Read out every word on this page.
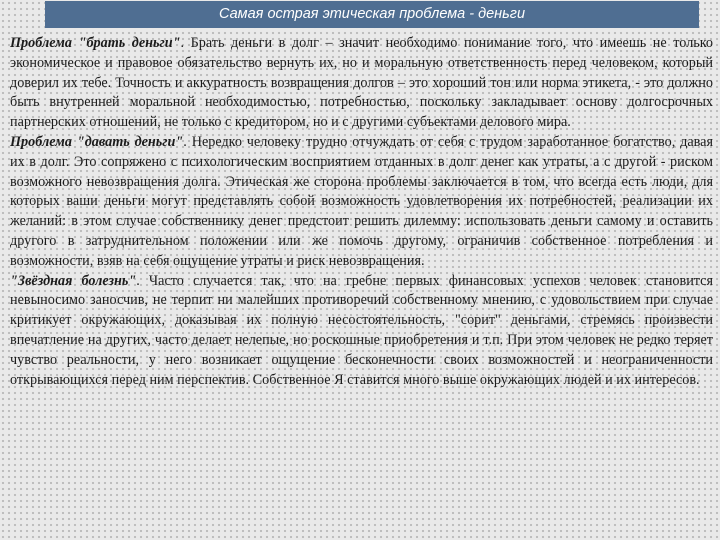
Самая острая этическая проблема - деньги
Проблема "брать деньги". Брать деньги в долг – значит необходимо понимание того, что имеешь не только экономическое и правовое обязательство вернуть их, но и моральную ответственность перед человеком, который доверил их тебе. Точность и аккуратность возвращения долгов – это хороший тон или норма этикета, - это должно быть внутренней моральной необходимостью, потребностью, поскольку закладывает основу долгосрочных партнерских отношений, не только с кредитором, но и с другими субъектами делового мира.
Проблема "давать деньги". Нередко человеку трудно отчуждать от себя с трудом заработанное богатство, давая их в долг. Это сопряжено с психологическим восприятием отданных в долг денег как утраты, а с другой - риском возможного невозвращения долга. Этическая же сторона проблемы заключается в том, что всегда есть люди, для которых ваши деньги могут представлять собой возможность удовлетворения их потребностей, реализации их желаний: в этом случае собственнику денег предстоит решить дилемму: использовать деньги самому и оставить другого в затруднительном положении или же помочь другому, ограничив собственное потребления и возможности, взяв на себя ощущение утраты и риск невозвращения.
"Звёздная болезнь". Часто случается так, что на гребне первых финансовых успехов человек становится невыносимо заносчив, не терпит ни малейших противоречий собственному мнению, с удовольствием при случае критикует окружающих, доказывая их полную несостоятельность, "сорит" деньгами, стремясь произвести впечатление на других, часто делает нелепые, но роскошные приобретения и т.п. При этом человек не редко теряет чувство реальности, у него возникает ощущение бесконечности своих возможностей и неограниченности открывающихся перед ним перспектив. Собственное Я ставится много выше окружающих людей и их интересов.
